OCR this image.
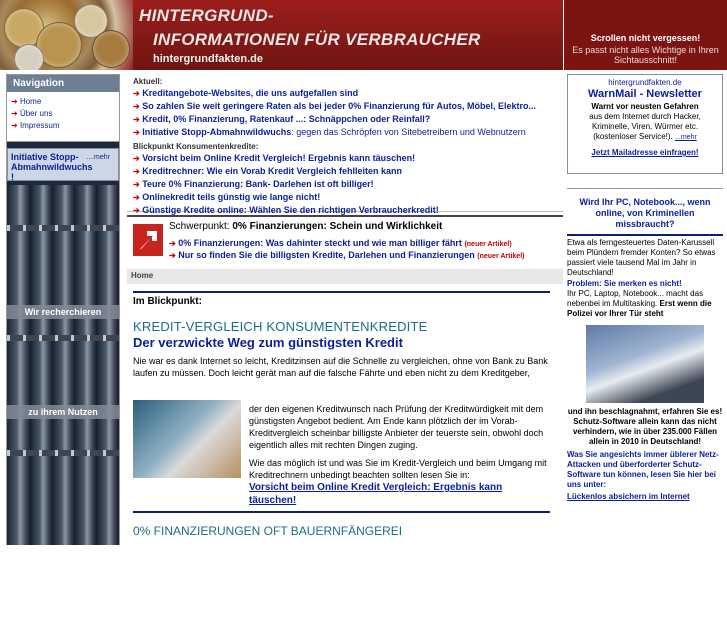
HINTERGRUND-
INFORMATIONEN FÜR VERBRAUCHER
hintergrundfakten.de
Scrollen nicht vergessen!
Es passt nicht alles Wichtige in Ihren Sichtausschnitt!
Navigation
➔ Home
➔ Über uns
➔ Impressum
Initiative Stopp-Abmahnwildwuchs !
....mehr
Wir recherchieren
zu ihrem Nutzen
Aktuell:
➔ Kreditangebote-Websites, die uns aufgefallen sind
➔ So zahlen Sie weit geringere Raten als bei jeder 0% Finanzierung für Autos, Möbel, Elektro...
➔ Kredit, 0% Finanzierung, Ratenkauf ...: Schnäppchen oder Reinfall?
➔ Initiative Stopp-Abmahnwildwuchs: gegen das Schröpfen von Sitebetreibern und Webnutzern
Blickpunkt Konsumentenkredite:
➔ Vorsicht beim Online Kredit Vergleich! Ergebnis kann täuschen!
➔ Kreditrechner: Wie ein Vorab Kredit Vergleich fehlleiten kann
➔ Teure 0% Finanzierung: Bank- Darlehen ist oft billiger!
➔ Onlinekredit teils günstig wie lange nicht!
➔ Günstige Kredite online: Wählen Sie den richtigen Verbraucherkredit!
Schwerpunkt: 0% Finanzierungen: Schein und Wirklichkeit
➔ 0% Finanzierungen: Was dahinter steckt und wie man billiger fährt (neuer Artikel)
➔ Nur so finden Sie die billigsten Kredite, Darlehen und Finanzierungen (neuer Artikel)
Home
Im Blickpunkt:
KREDIT-VERGLEICH KONSUMENTENKREDITE
Der verzwickte Weg zum günstigsten Kredit
Nie war es dank Internet so leicht, Kreditzinsen auf die Schnelle zu vergleichen, ohne von Bank zu Bank laufen zu müssen. Doch leicht gerät man auf die falsche Fährte und eben nicht zu dem Kreditgeber,
der den eigenen Kreditwunsch nach Prüfung der Kreditwürdigkeit mit dem günstigsten Angebot bedient. Am Ende kann plötzlich der im Vorab-Kreditvergleich scheinbar billigste Anbieter der teuerste sein, obwohl doch eigentlich alles mit rechten Dingen zuging.
Wie das möglich ist und was Sie im Kredit-Vergleich und beim Umgang mit Kreditrechnern unbedingt beachten sollten lesen Sie in:
Vorsicht beim Online Kredit Vergleich: Ergebnis kann täuschen!
0% FINANZIERUNGEN OFT BAUERNFÄNGEREI
hintergrundfakten.de
WarnMail - Newsletter
Warnt vor neusten Gefahren
aus dem Internet durch Hacker, Kriminelle, Viren, Würmer etc. (kostenloser Service!). ...mehr
Jetzt Mailadresse einfragen!
Wird Ihr PC, Notebook..., wenn online, von Kriminellen missbraucht?
Etwa als ferngesteuertes Daten-Karussell beim Plündern fremder Konten? So etwas passiert viele tausend Mal im Jahr in Deutschland!
Problem: Sie merken es nicht!
Ihr PC, Laptop, Notebook... macht das nebenbei im Multitasking. Erst wenn die Polizei vor Ihrer Tür steht
und ihn beschlagnahmt, erfahren Sie es! Schutz-Software allein kann das nicht verhindern, wie in über 235.000 Fällen allein in 2010 in Deutschland!
Was Sie angesichts immer üblerer Netz-Attacken und überforderter Schutz-Software tun können, lesen Sie hier bei uns unter:
Lückenlos absichern im Internet
